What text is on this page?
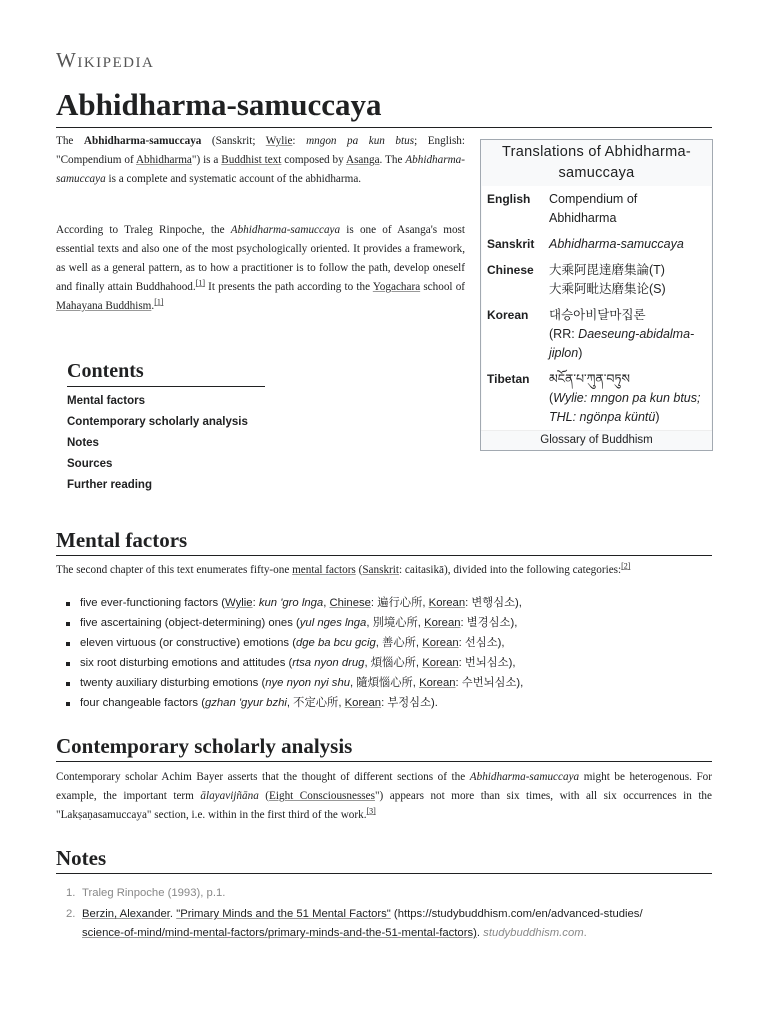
Wikipedia
Abhidharma-samuccaya

The Abhidharma-samuccaya (Sanskrit; Wylie: mngon pa kun btus; English: "Compendium of Abhidharma") is a Buddhist text composed by Asanga. The Abhidharma-samuccaya is a complete and systematic account of the abhidharma.

According to Traleg Rinpoche, the Abhidharma-samuccaya is one of Asanga's most essential texts and also one of the most psychologically oriented. It provides a framework, as well as a general pattern, as to how a practitioner is to follow the path, develop oneself and finally attain Buddhahood.[1] It presents the path according to the Yogachara school of Mahayana Buddhism.[1]

Translations of Abhidharma-samuccaya
English	Compendium of Abhidharma
Sanskrit	Abhidharma-samuccaya
Chinese	大乘阿毘達磨集論(T)
大乘阿毗达磨集论(S)
Korean	대승아비달마집론
(RR: Daeseung-abidalma-jiplon)
Tibetan	མངོན་པ་ཀུན་བཏུས
(Wylie: mngon pa kun btus;
THL: ngönpa küntü)
Glossary of Buddhism
Contents
Mental factors
Contemporary scholarly analysis
Notes
Sources
Further reading
Mental factors

The second chapter of this text enumerates fifty-one mental factors (Sanskrit: caitasikā), divided into the following categories:[2]

five ever-functioning factors (Wylie: kun 'gro lnga, Chinese: 遍行心所, Korean: 변행심소),
five ascertaining (object-determining) ones (yul nges lnga, 別境心所, Korean: 별경심소),
eleven virtuous (or constructive) emotions (dge ba bcu gcig, 善心所, Korean: 선심소),
six root disturbing emotions and attitudes (rtsa nyon drug, 煩惱心所, Korean: 번뇌심소),
twenty auxiliary disturbing emotions (nye nyon nyi shu, 隨煩惱心所, Korean: 수번뇌심소),
four changeable factors (gzhan 'gyur bzhi, 不定心所, Korean: 부정심소).
Contemporary scholarly analysis

Contemporary scholar Achim Bayer asserts that the thought of different sections of the Abhidharma-samuccaya might be heterogenous. For example, the important term ālayavijñāna (Eight Consciousnesses") appears not more than six times, with all six occurrences in the "Lakṣaṇasamuccaya" section, i.e. within in the first third of the work.[3]

Notes
1. Traleg Rinpoche (1993), p.1.
2. Berzin, Alexander. "Primary Minds and the 51 Mental Factors" (https://studybuddhism.com/en/advanced-studies/
science-of-mind/mind-mental-factors/primary-minds-and-the-51-mental-factors). studybuddhism.com.
